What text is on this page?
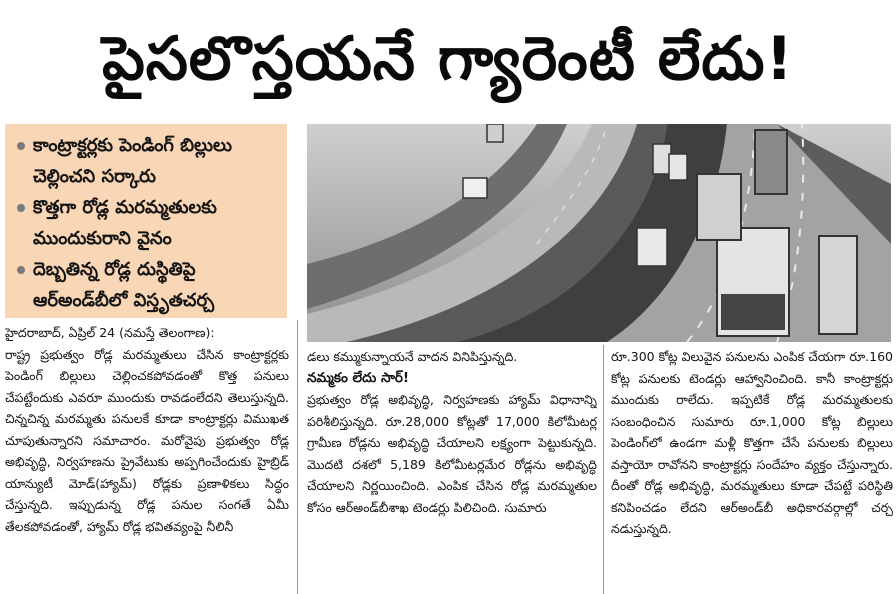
పైసలొస్తయనే గ్యారెంటీ లేదు!
కాంట్రాక్టర్లకు పెండింగ్ బిల్లులు చెల్లించని సర్కారు
కొత్తగా రోడ్ల మరమ్మతులకు ముందుకురాని వైనం
దెబ్బతిన్న రోడ్ల దుస్థితిపై ఆర్అండ్‌బీలో విస్తృతచర్చ

హైదరాబాద్, ఏప్రిల్ 24 (నమస్తే తెలంగాణ):

రాష్ట్ర ప్రభుత్వం రోడ్ల మరమ్మతులు చేసిన కాంట్రాక్టర్లకు పెండింగ్ బిల్లులు చెల్లించకపోవడంతో కొత్త పనులు చేపట్టేందుకు ఎవరూ ముందుకు రావడంలేదని తెలుస్తున్నది. చిన్నచిన్న మరమ్మతు పనులకే కూడా కాంట్రాక్టర్లు విముఖత చూపుతున్నారని సమాచారం. మరోవైపు ప్రభుత్వం రోడ్ల అభివృద్ధి, నిర్వహణను ప్రైవేటుకు అప్పగించేందుకు హైబ్రిడ్ యాన్యుటీ మోడ్(హ్యామ్) రోడ్లకు ప్రణాళికలు సిద్ధం చేస్తున్నది. ఇప్పుడున్న రోడ్ల పనుల సంగతే ఏమీ తేలకపోవడంతో, హ్యామ్ రోడ్ల భవితవ్యంపై నీలినీ

డలు కమ్ముకున్నాయనే వాదన వినిపిస్తున్నది.

నమ్మకం లేదు సార్!

ప్రభుత్వం రోడ్ల అభివృద్ధి, నిర్వహణకు హ్యామ్ విధానాన్ని పరిశీలిస్తున్నది. రూ.28,000 కోట్లతో 17,000 కిలోమీటర్ల గ్రామీణ రోడ్లను అభివృద్ధి చేయాలని లక్ష్యంగా పెట్టుకున్నది. మొదటి దశలో 5,189 కిలోమీటర్లమేర రోడ్లను అభివృద్ధి చేయాలని నిర్ణయించింది. ఎంపిక చేసిన రోడ్ల మరమ్మతుల కోసం ఆర్అండ్‌బీశాఖ టెండర్లు పిలిచింది. సుమారు

రూ.300 కోట్ల విలువైన పనులను ఎంపిక చేయగా రూ.160 కోట్ల పనులకు టెండర్లు ఆహ్వానించింది. కానీ కాంట్రాక్టర్లు ముందుకు రాలేదు. ఇప్పటికే రోడ్ల మరమ్మతులకు సంబంధించిన సుమారు రూ.1,000 కోట్ల బిల్లులు పెండింగ్‌లో ఉండగా మళ్లీ కొత్తగా చేసే పనులకు బిల్లులు వస్తాయో రావోనని కాంట్రాక్టర్లు సందేహం వ్యక్తం చేస్తున్నారు. దీంతో రోడ్ల అభివృద్ధి, మరమ్మతులు కూడా చేపట్టే పరిస్థితి కనిపించడం లేదని ఆర్అండ్‌బీ అధికారవర్గాల్లో చర్చ నడుస్తున్నది.
